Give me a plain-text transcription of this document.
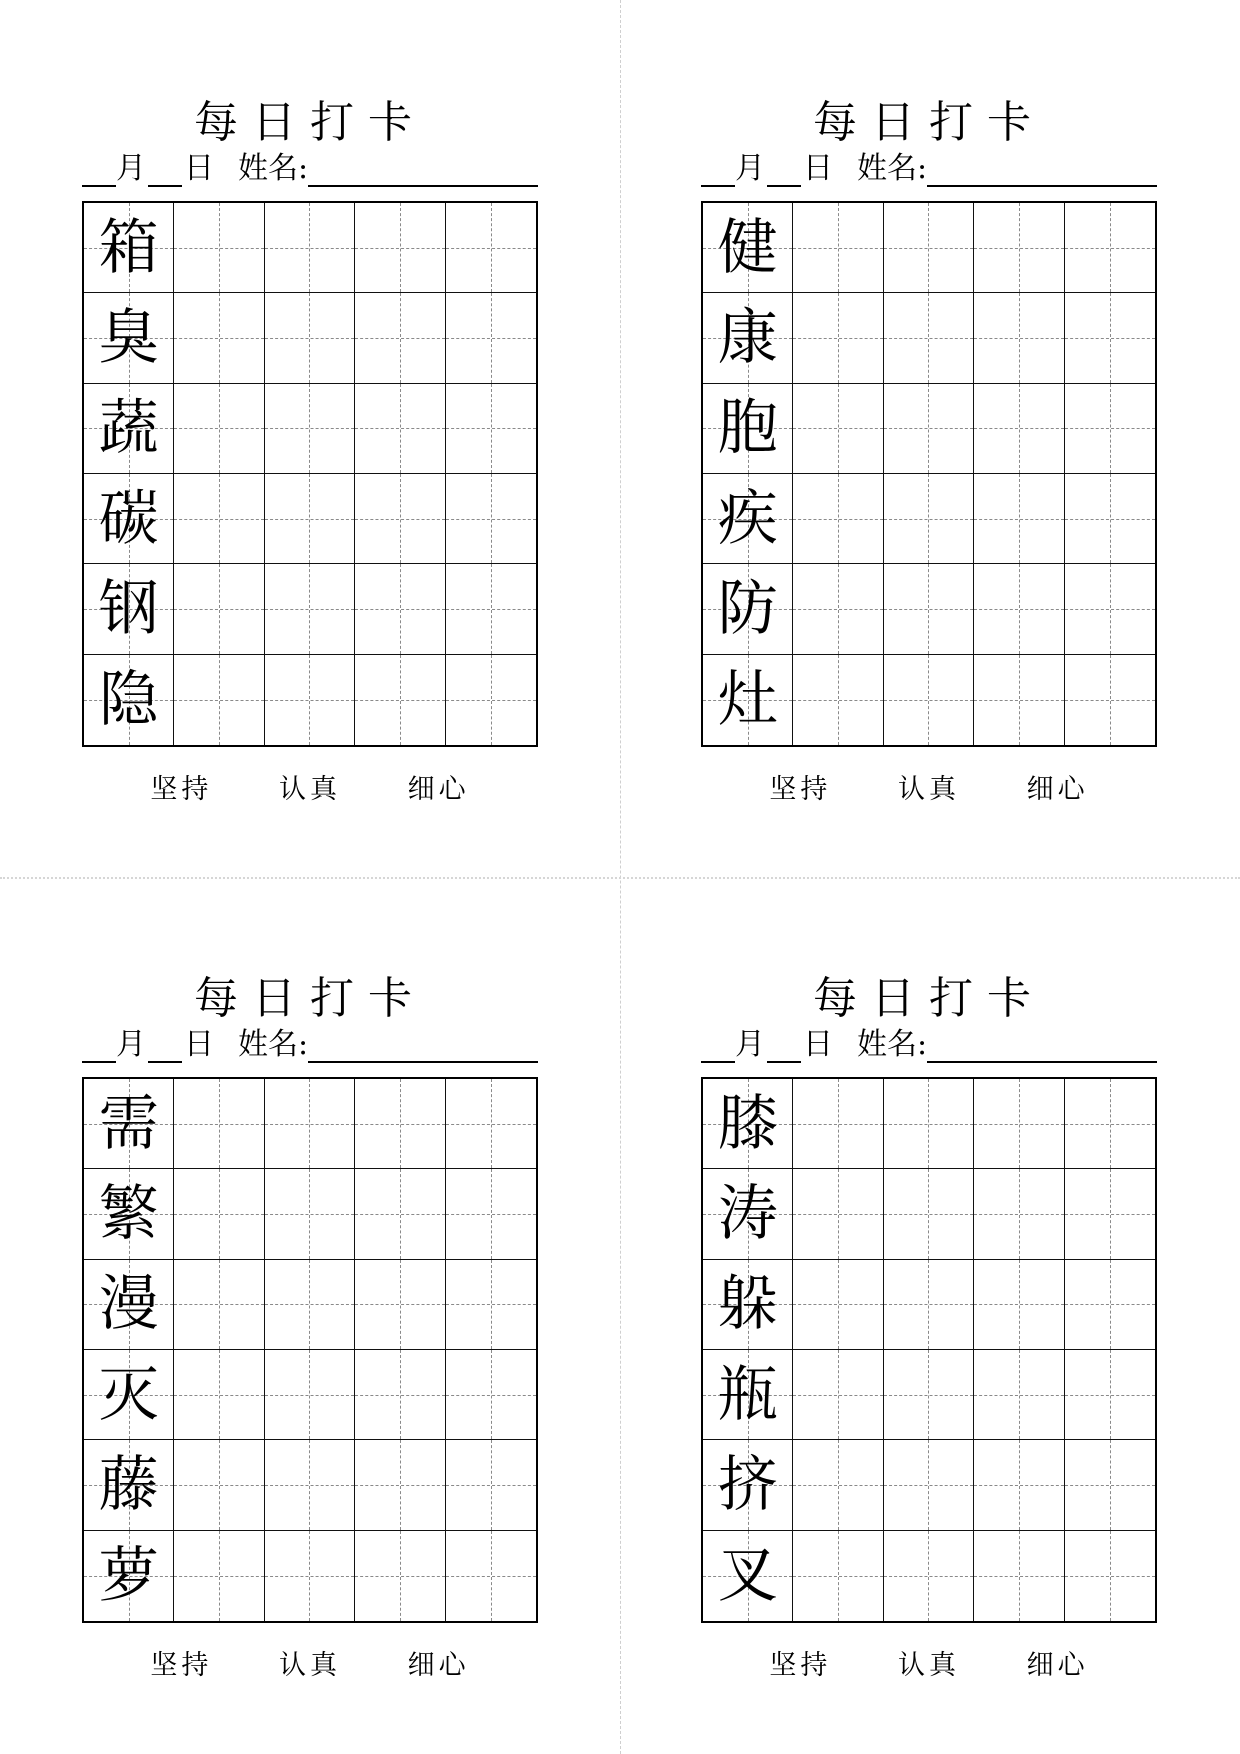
每日打卡
月 日 姓名:
箱
臭
蔬
碳
钢
隐
坚持 认真 细心
每日打卡
月 日 姓名:
健
康
胞
疾
防
灶
坚持 认真 细心
每日打卡
月 日 姓名:
需
繁
漫
灭
藤
萝
坚持 认真 细心
每日打卡
月 日 姓名:
膝
涛
躲
瓶
挤
叉
坚持 认真 细心
